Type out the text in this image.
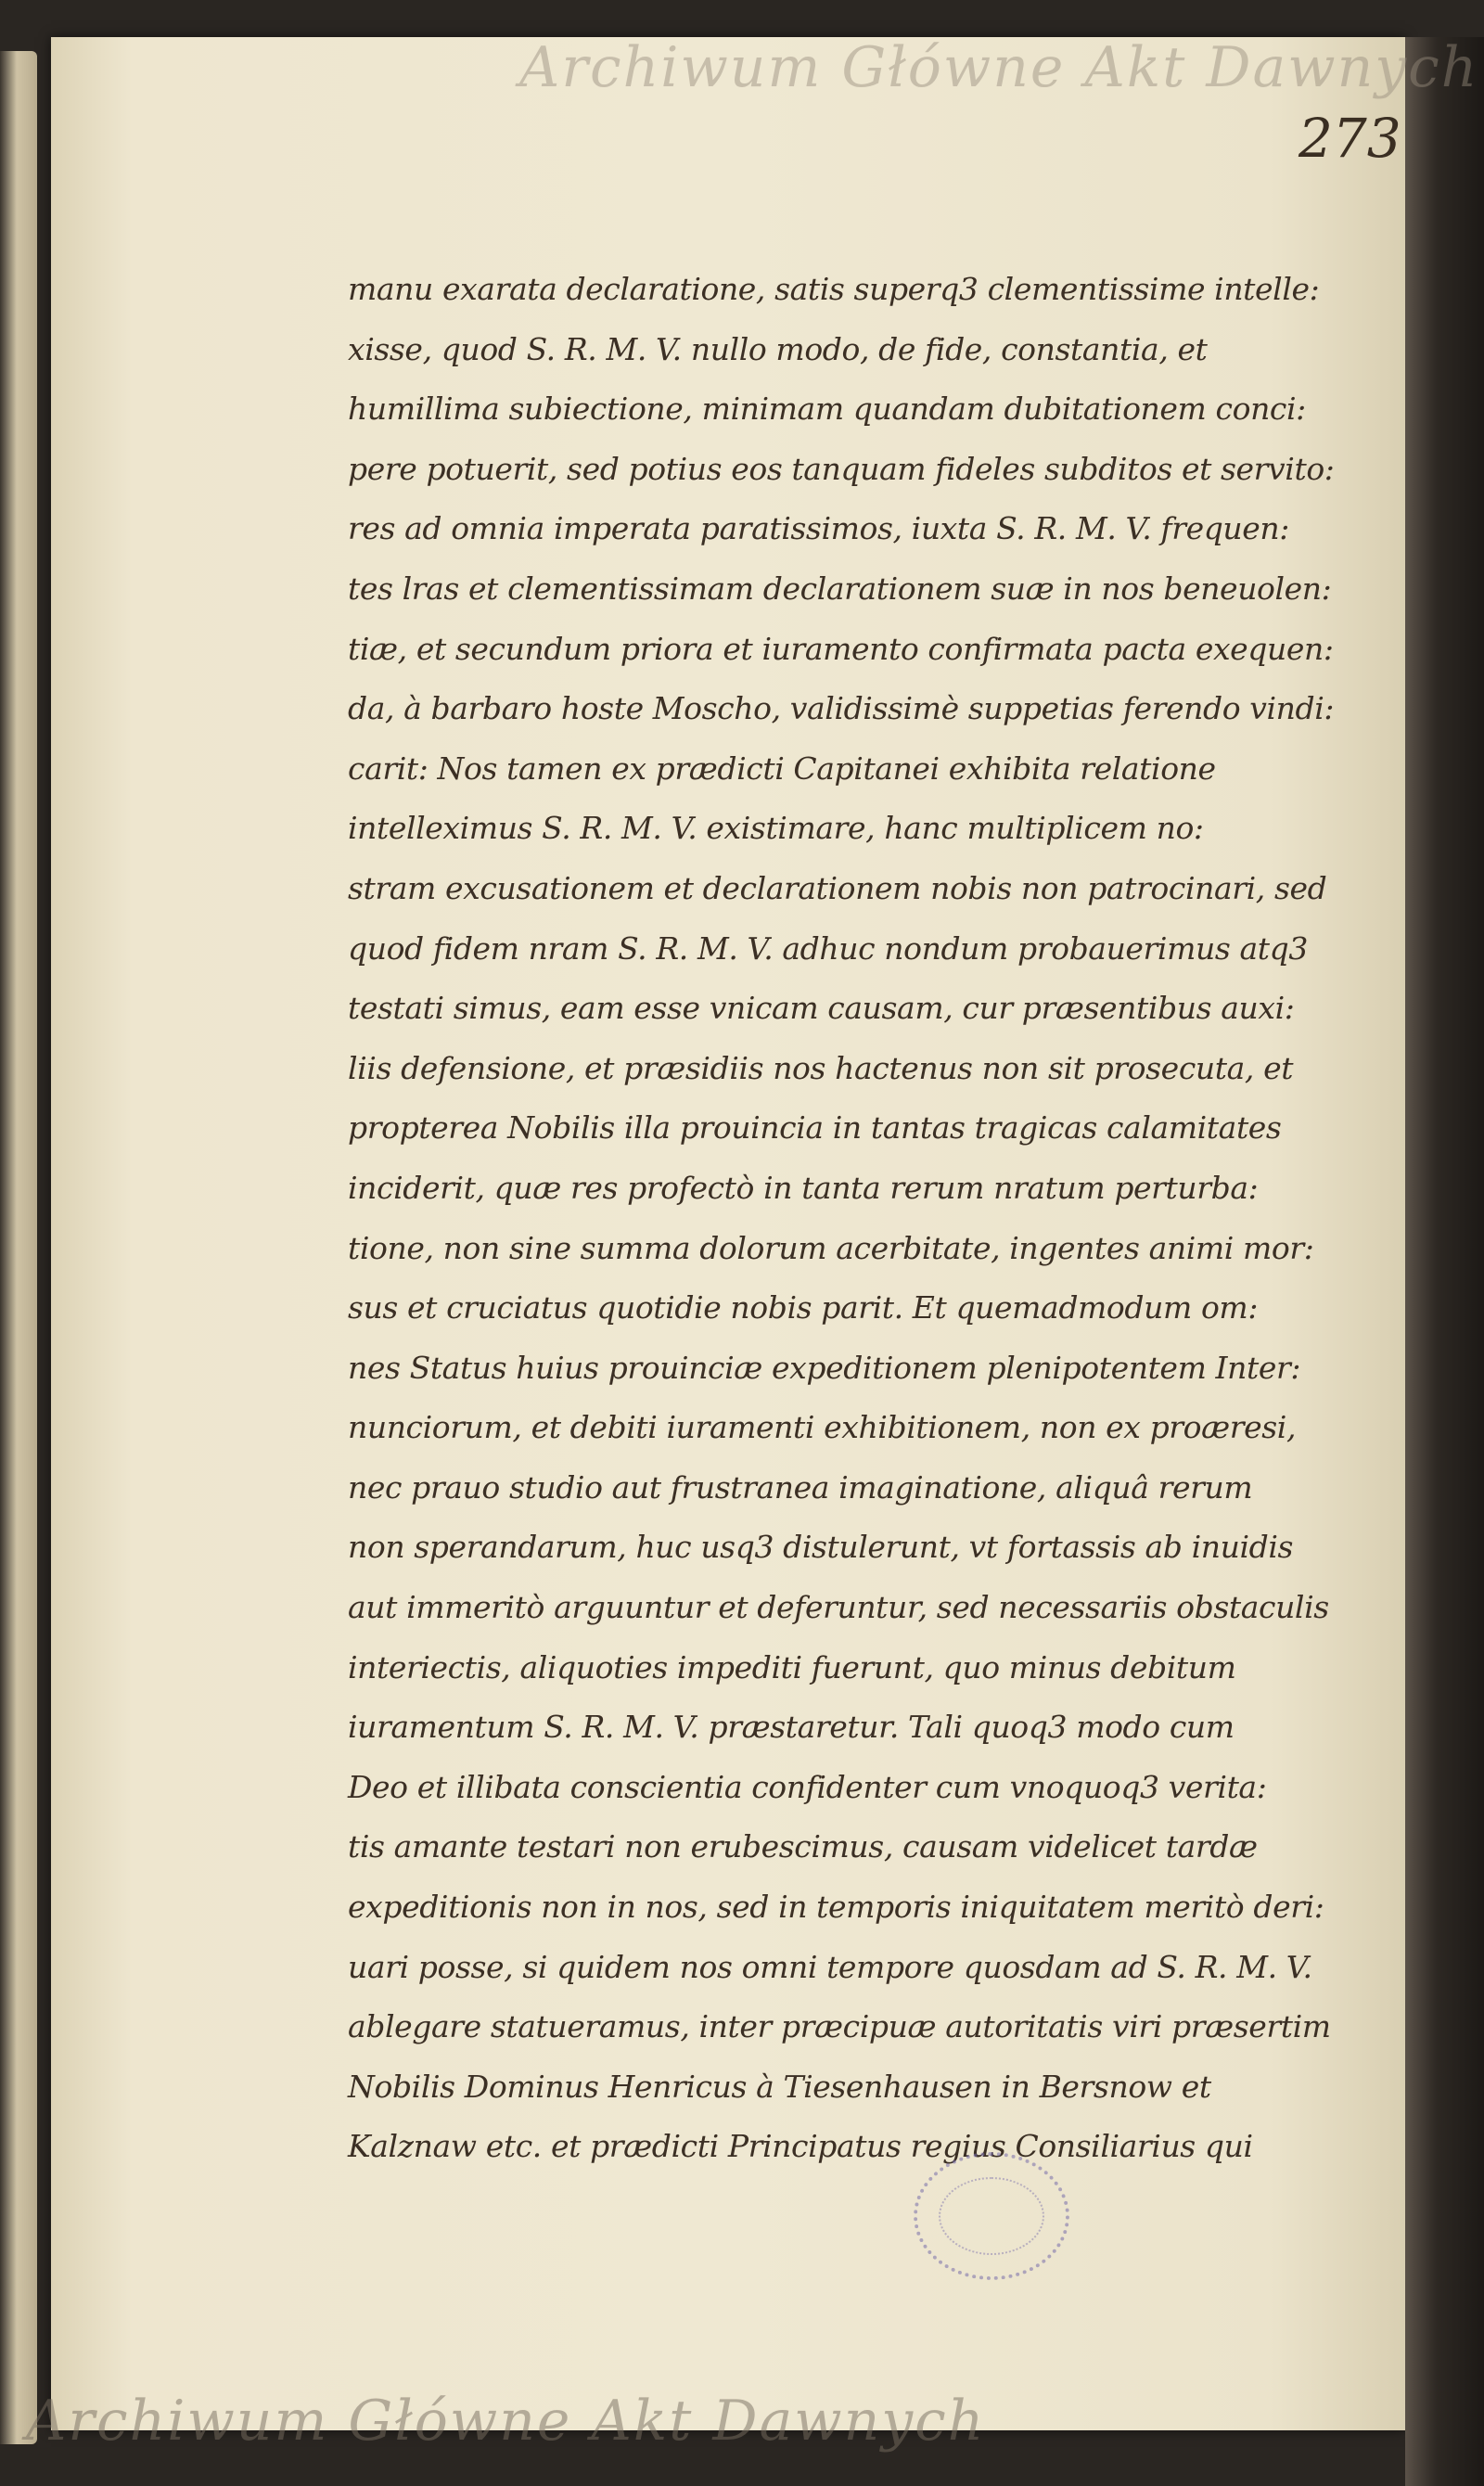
Archiwum Główne Akt Dawnych
273
manu exarata declaratione, satis superq3 clementissime intelle:
xisse, quod S. R. M. V. nullo modo, de fide, constantia, et
humillima subiectione, minimam quandam dubitationem conci:
pere potuerit, sed potius eos tanquam fideles subditos et servito:
res ad omnia imperata paratissimos, iuxta S. R. M. V. frequen:
tes lras et clementissimam declarationem suæ in nos beneuolen:
tiæ, et secundum priora et iuramento confirmata pacta exequen:
da, à barbaro hoste Moscho, validissimè suppetias ferendo vindi:
carit: Nos tamen ex prædicti Capitanei exhibita relatione
intelleximus S. R. M. V. existimare, hanc multiplicem no:
stram excusationem et declarationem nobis non patrocinari, sed
quod fidem nram S. R. M. V. adhuc nondum probauerimus atq3
testati simus, eam esse vnicam causam, cur præsentibus auxi:
liis defensione, et præsidiis nos hactenus non sit prosecuta, et
propterea Nobilis illa prouincia in tantas tragicas calamitates
inciderit, quæ res profectò in tanta rerum nratum perturba:
tione, non sine summa dolorum acerbitate, ingentes animi mor:
sus et cruciatus quotidie nobis parit. Et quemadmodum om:
nes Status huius prouinciæ expeditionem plenipotentem Inter:
nunciorum, et debiti iuramenti exhibitionem, non ex proæresi,
nec prauo studio aut frustranea imaginatione, aliquâ rerum
non sperandarum, huc usq3 distulerunt, vt fortassis ab inuidis
aut immeritò arguuntur et deferuntur, sed necessariis obstaculis
interiectis, aliquoties impediti fuerunt, quo minus debitum
iuramentum S. R. M. V. præstaretur. Tali quoq3 modo cum
Deo et illibata conscientia confidenter cum vnoquoq3 verita:
tis amante testari non erubescimus, causam videlicet tardæ
expeditionis non in nos, sed in temporis iniquitatem meritò deri:
uari posse, si quidem nos omni tempore quosdam ad S. R. M. V.
ablegare statueramus, inter præcipuæ autoritatis viri præsertim
Nobilis Dominus Henricus à Tiesenhausen in Bersnow et
Kalznaw etc. et prædicti Principatus regius Consiliarius qui
Archiwum Główne Akt Dawnych
